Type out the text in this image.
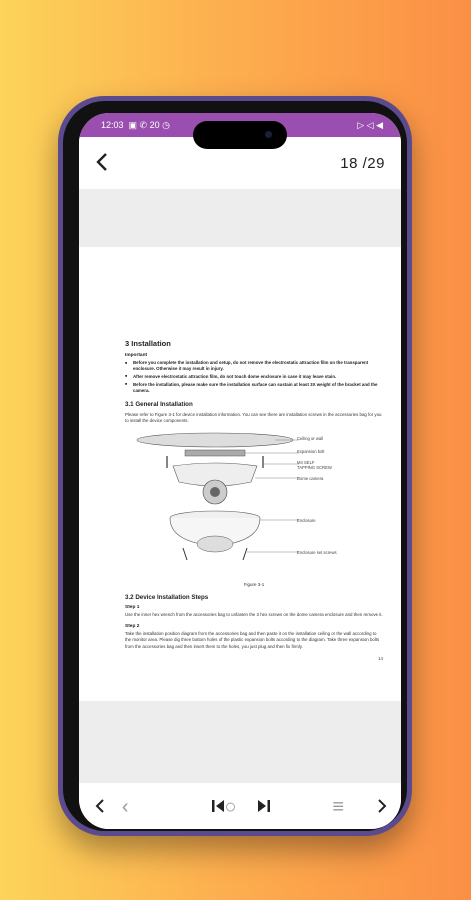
12:03 ▣ ✆ 20 ◷	▷ ◁ ◀
18 /29
3 Installation
Important
■ Before you complete the installation and setup, do not remove the electrostatic attraction film on the transparent enclosure. Otherwise it may result in injury.
■ After remove electrostatic attraction film, do not touch dome enclosure in case it may leave stain.
■ Before the installation, please make sure the installation surface can sustain at least 3X weight of the bracket and the camera.
3.1 General Installation
Please refer to Figure 3-1 for device installation information. You can see there are installation screws in the accessories bag for you to install the device components.
Ceiling or wall
Expansion bolt
M4 SELF
TAPPING SCREW
Dome camera
Enclosure
Enclosure set screws
Figure 3-1
3.2 Device Installation Steps
Step 1
Use the inner hex wrench from the accessories bag to unfasten the 3 hex screws on the dome camera enclosure and then remove it.
Step 2
Take the installation position diagram from the accessories bag and then paste it on the installation ceiling or the wall according to the monitor area. Please dig three bottom holes of the plastic expansion bolts according to the diagram. Take three expansion bolts from the accessories bag and then insert them to the holes, you just plug and then fix firmly.
14
‹	○	≡
